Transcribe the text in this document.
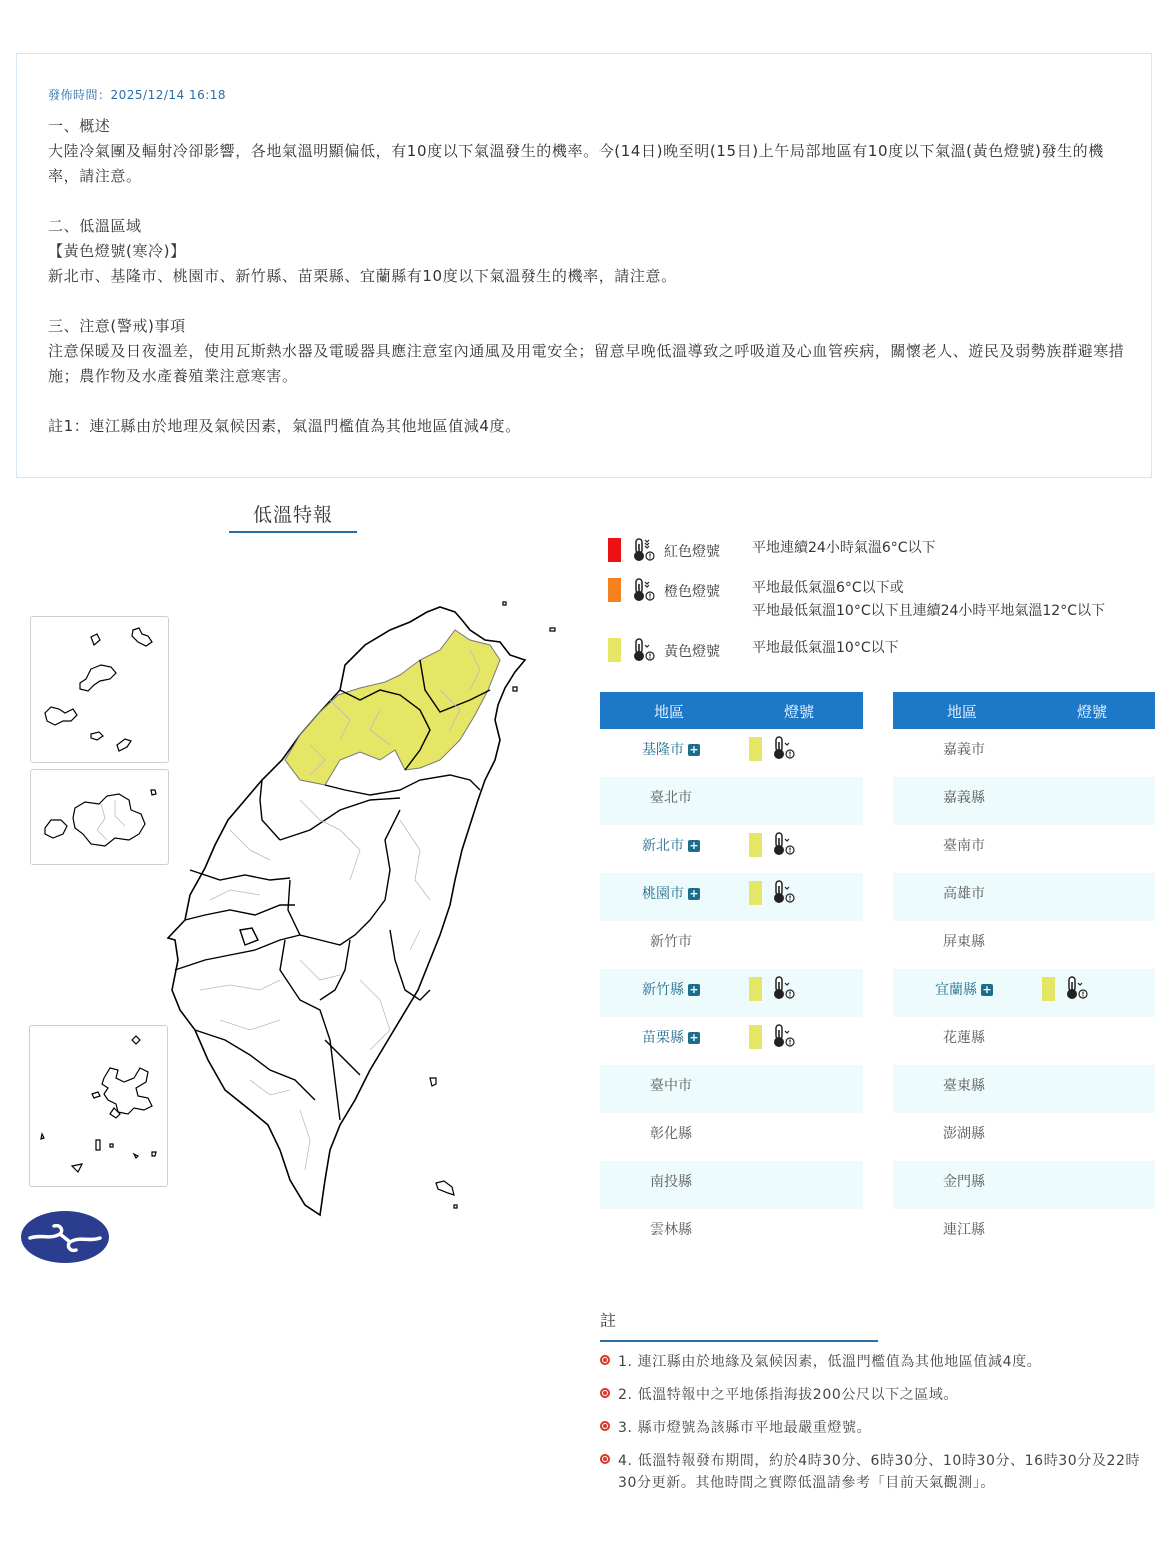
發佈時間：2025/12/14 16:18

一、概述

大陸冷氣團及輻射冷卻影響，各地氣溫明顯偏低，有10度以下氣溫發生的機率。今(14日)晚至明(15日)上午局部地區有10度以下氣溫(黃色燈號)發生的機率，請注意。

二、低溫區域

【黃色燈號(寒冷)】

新北市、基隆市、桃園市、新竹縣、苗栗縣、宜蘭縣有10度以下氣溫發生的機率，請注意。

三、注意(警戒)事項

注意保暖及日夜溫差，使用瓦斯熱水器及電暖器具應注意室內通風及用電安全；留意早晚低溫導致之呼吸道及心血管疾病，關懷老人、遊民及弱勢族群避寒措施；農作物及水產養殖業注意寒害。

註1：連江縣由於地理及氣候因素，氣溫門檻值為其他地區值減4度。

低溫特報
紅色燈號 平地連續24小時氣溫6°C以下
橙色燈號 平地最低氣溫6°C以下或
平地最低氣溫10°C以下且連續24小時平地氣溫12°C以下
黃色燈號 平地最低氣溫10°C以下
地區	燈號
基隆市 +
臺北市
新北市 +
桃園市 +
新竹市
新竹縣 +
苗栗縣 +
臺中市
彰化縣
南投縣
雲林縣
地區	燈號
嘉義市
嘉義縣
臺南市
高雄市
屏東縣
宜蘭縣 +
花蓮縣
臺東縣
澎湖縣
金門縣
連江縣
註
1. 連江縣由於地緣及氣候因素，低溫門檻值為其他地區值減4度。
2. 低溫特報中之平地係指海拔200公尺以下之區域。
3. 縣市燈號為該縣市平地最嚴重燈號。
4. 低溫特報發布期間，約於4時30分、6時30分、10時30分、16時30分及22時30分更新。其他時間之實際低溫請參考「目前天氣觀測」。
